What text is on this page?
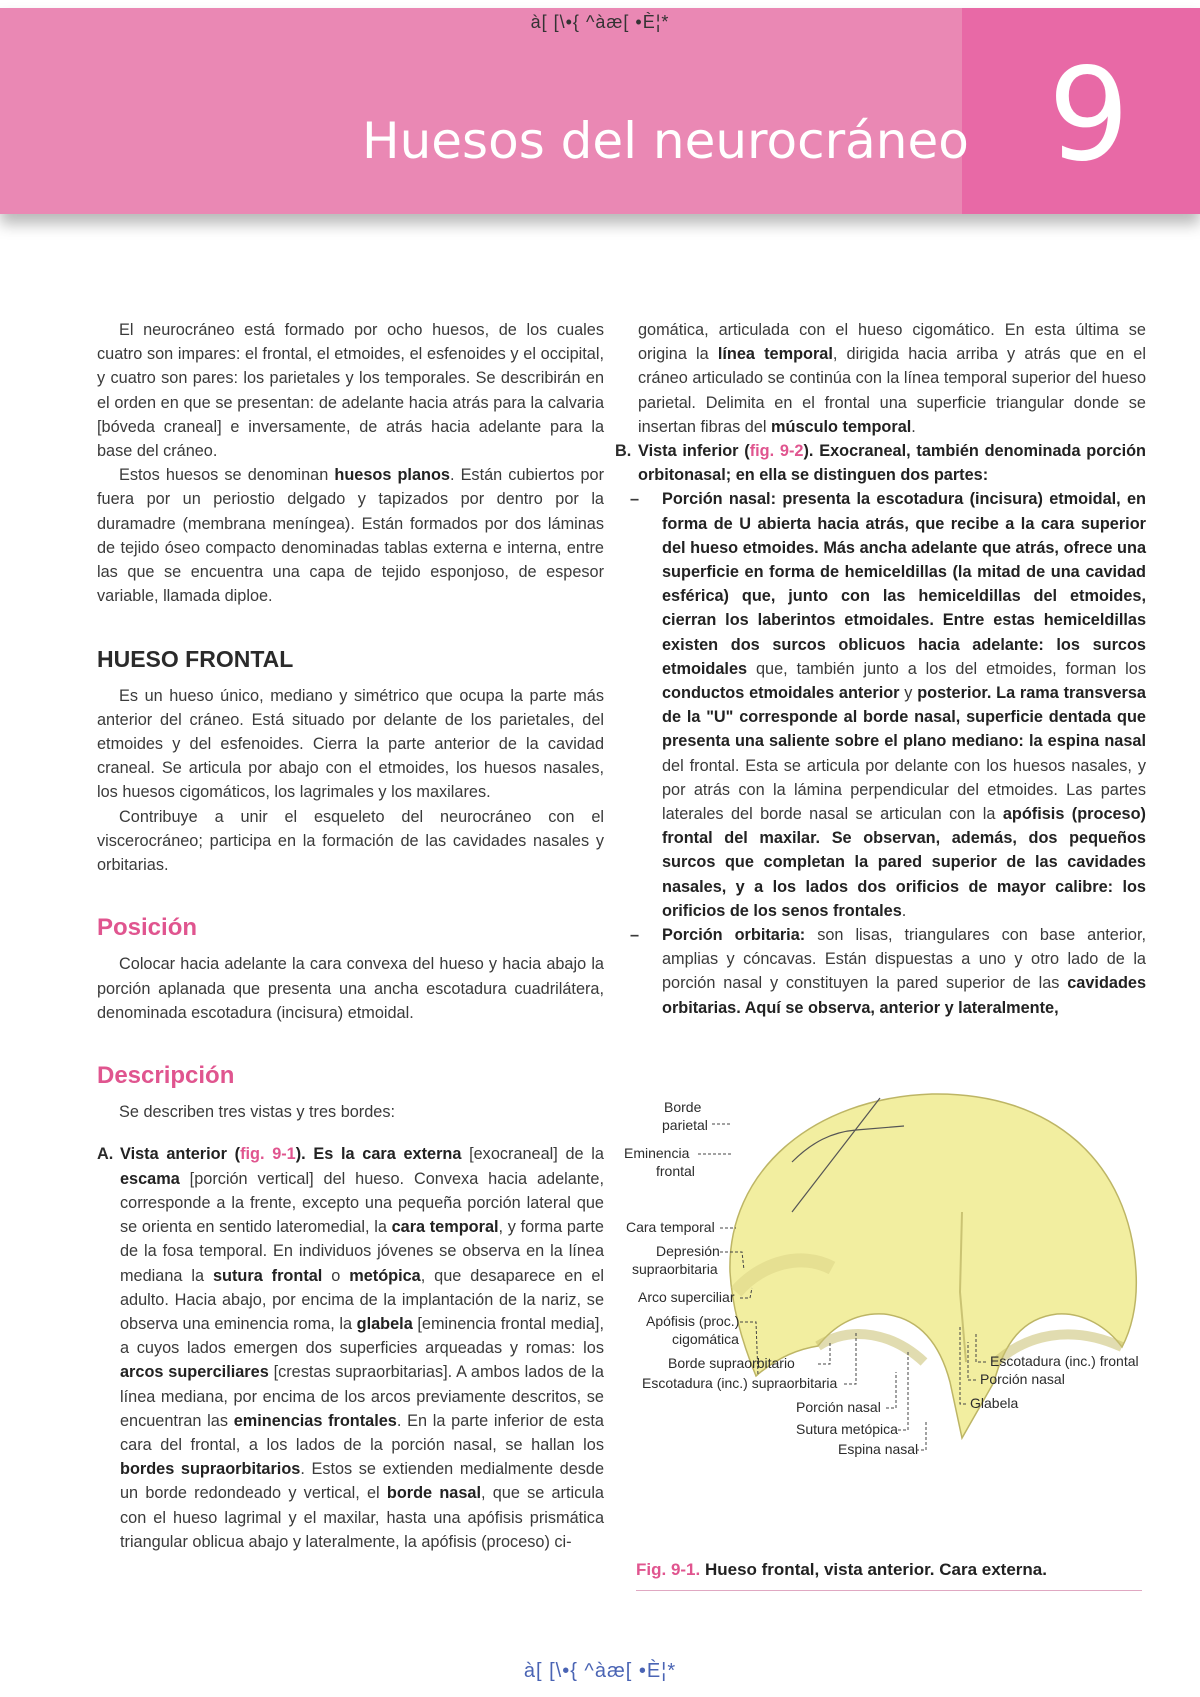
Huesos del neurocráneo 9
à[ [\•{ ^àæ[ •È¦*

El neurocráneo está formado por ocho huesos, de los cuales cuatro son impares: el frontal, el etmoides, el esfenoides y el occipital, y cuatro son pares: los parietales y los temporales. Se describirán en el orden en que se presentan: de adelante hacia atrás para la calvaria [bóveda craneal] e inversamente, de atrás hacia adelante para la base del cráneo.

Estos huesos se denominan huesos planos. Están cubiertos por fuera por un periostio delgado y tapizados por dentro por la duramadre (membrana meníngea). Están formados por dos láminas de tejido óseo compacto denominadas tablas externa e interna, entre las que se encuentra una capa de tejido esponjoso, de espesor variable, llamada diploe.

HUESO FRONTAL

Es un hueso único, mediano y simétrico que ocupa la parte más anterior del cráneo. Está situado por delante de los parietales, del etmoides y del esfenoides. Cierra la parte anterior de la cavidad craneal. Se articula por abajo con el etmoides, los huesos nasales, los huesos cigomáticos, los lagrimales y los maxilares.

Contribuye a unir el esqueleto del neurocráneo con el viscerocráneo; participa en la formación de las cavidades nasales y orbitarias.

Posición

Colocar hacia adelante la cara convexa del hueso y hacia abajo la porción aplanada que presenta una ancha escotadura cuadrilátera, denominada escotadura (incisura) etmoidal.

Descripción

Se describen tres vistas y tres bordes:

A. Vista anterior (fig. 9-1). Es la cara externa [exocraneal] de la escama [porción vertical] del hueso. Convexa hacia adelante, corresponde a la frente, excepto una pequeña porción lateral que se orienta en sentido lateromedial, la cara temporal, y forma parte de la fosa temporal. En individuos jóvenes se observa en la línea mediana la sutura frontal o metópica, que desaparece en el adulto. Hacia abajo, por encima de la implantación de la nariz, se observa una eminencia roma, la glabela [eminencia frontal media], a cuyos lados emergen dos superficies arqueadas y romas: los arcos superciliares [crestas supraorbitarias]. A ambos lados de la línea mediana, por encima de los arcos previamente descritos, se encuentran las eminencias frontales. En la parte inferior de esta cara del frontal, a los lados de la porción nasal, se hallan los bordes supraorbitarios. Estos se extienden medialmente desde un borde redondeado y vertical, el borde nasal, que se articula con el hueso lagrimal y el maxilar, hasta una apófisis prismática triangular oblicua abajo y lateralmente, la apófisis (proceso) ci-
gomática, articulada con el hueso cigomático. En esta última se origina la línea temporal, dirigida hacia arriba y atrás que en el cráneo articulado se continúa con la línea temporal superior del hueso parietal. Delimita en el frontal una superficie triangular donde se insertan fibras del músculo temporal.
B. Vista inferior (fig. 9-2). Exocraneal, también denominada porción orbitonasal; en ella se distinguen dos partes:
– Porción nasal: presenta la escotadura (incisura) etmoidal, en forma de U abierta hacia atrás, que recibe a la cara superior del hueso etmoides. Más ancha adelante que atrás, ofrece una superficie en forma de hemiceldillas (la mitad de una cavidad esférica) que, junto con las hemiceldillas del etmoides, cierran los laberintos etmoidales. Entre estas hemiceldillas existen dos surcos oblicuos hacia adelante: los surcos etmoidales que, también junto a los del etmoides, forman los conductos etmoidales anterior y posterior. La rama transversa de la "U" corresponde al borde nasal, superficie dentada que presenta una saliente sobre el plano mediano: la espina nasal del frontal. Esta se articula por delante con los huesos nasales, y por atrás con la lámina perpendicular del etmoides. Las partes laterales del borde nasal se articulan con la apófisis (proceso) frontal del maxilar. Se observan, además, dos pequeños surcos que completan la pared superior de las cavidades nasales, y a los lados dos orificios de mayor calibre: los orificios de los senos frontales.
– Porción orbitaria: son lisas, triangulares con base anterior, amplias y cóncavas. Están dispuestas a uno y otro lado de la porción nasal y constituyen la pared superior de las cavidades orbitarias. Aquí se observa, anterior y lateralmente,
Borde
parietal
Eminencia
frontal
Cara temporal
Depresión
supraorbitaria
Arco superciliar
Apófisis (proc.)
cigomática
Borde supraorbitario
Escotadura (inc.) supraorbitaria
Porción nasal
Sutura metópica
Espina nasal
Escotadura (inc.) frontal
Porción nasal
Glabela
Fig. 9-1. Hueso frontal, vista anterior. Cara externa.
à[ [\•{ ^àæ[ •È¦*
